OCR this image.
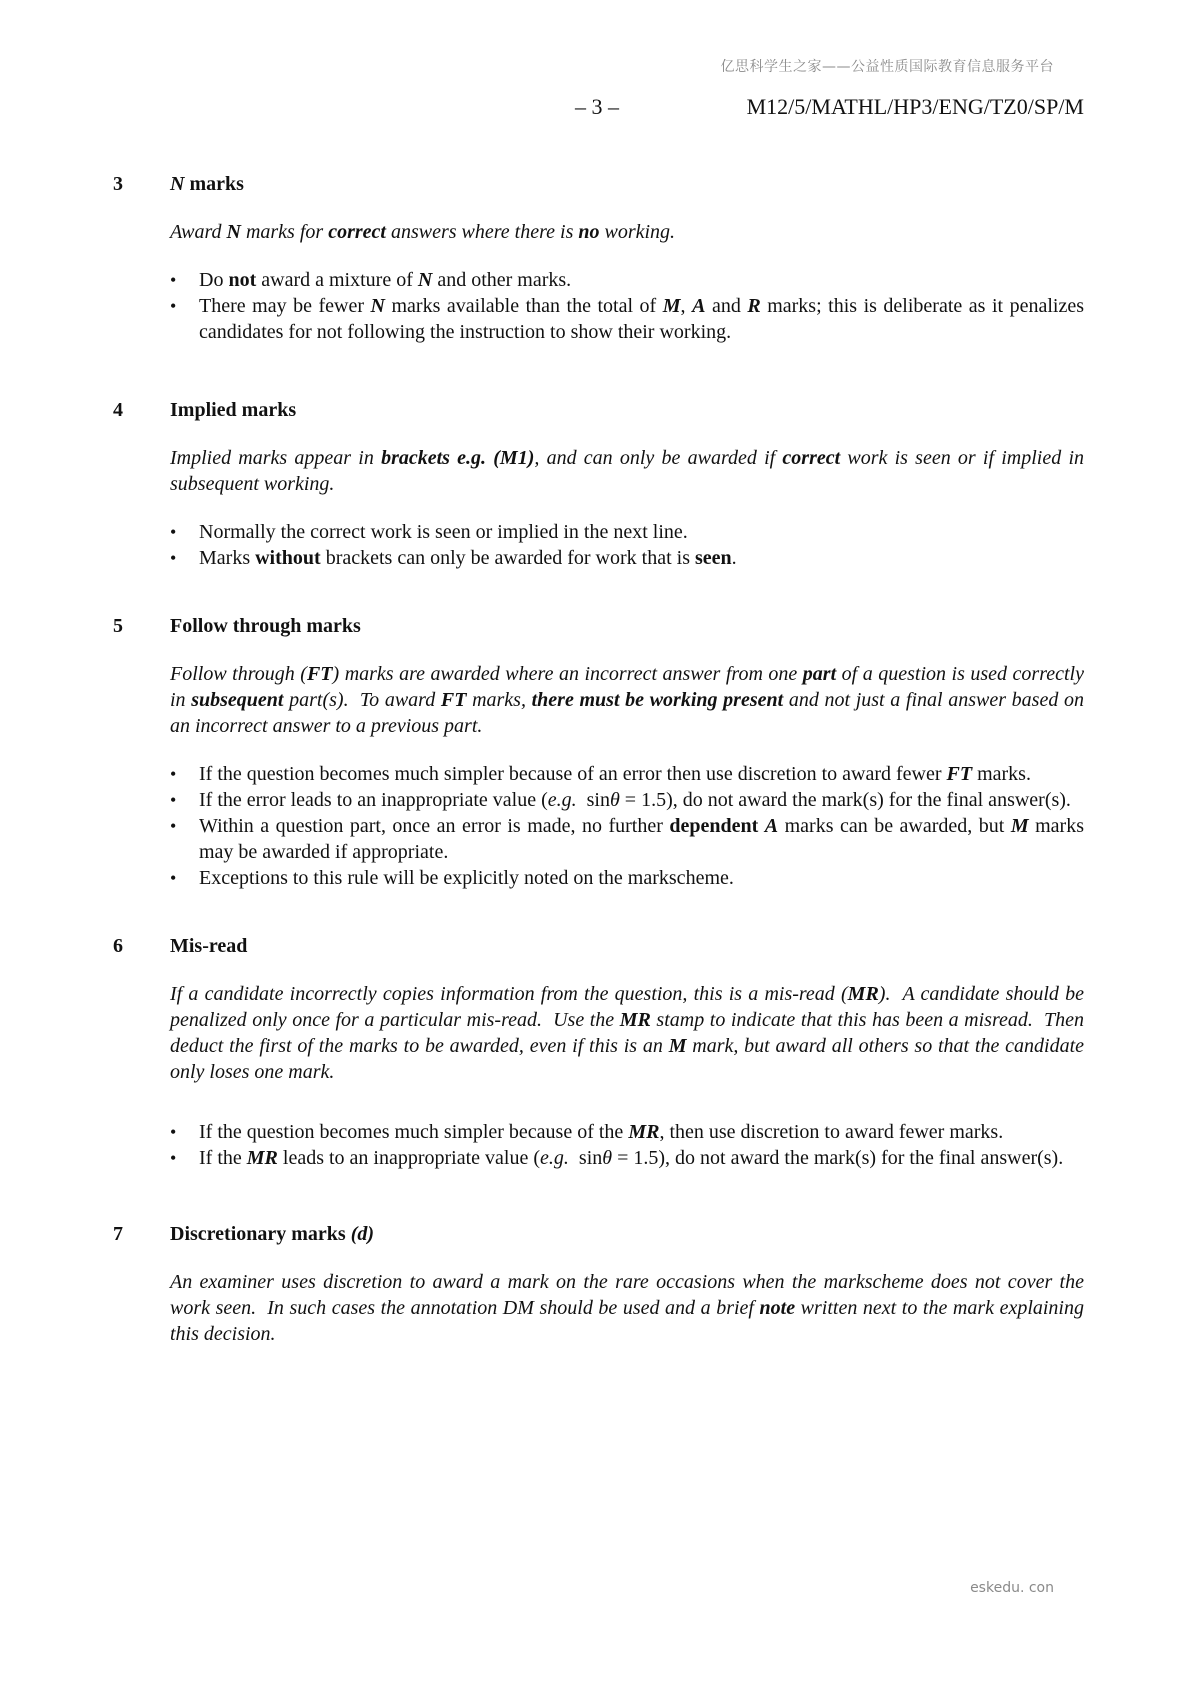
亿思科学生之家——公益性质国际教育信息服务平台
– 3 –	M12/5/MATHL/HP3/ENG/TZ0/SP/M
3 N marks
Award N marks for correct answers where there is no working.
• Do not award a mixture of N and other marks.
• There may be fewer N marks available than the total of M, A and R marks; this is deliberate as it penalizes candidates for not following the instruction to show their working.
4 Implied marks
Implied marks appear in brackets e.g. (M1), and can only be awarded if correct work is seen or if implied in subsequent working.
• Normally the correct work is seen or implied in the next line.
• Marks without brackets can only be awarded for work that is seen.
5 Follow through marks
Follow through (FT) marks are awarded where an incorrect answer from one part of a question is used correctly in subsequent part(s).  To award FT marks, there must be working present and not just a final answer based on an incorrect answer to a previous part.
• If the question becomes much simpler because of an error then use discretion to award fewer FT marks.
• If the error leads to an inappropriate value (e.g.  sinθ = 1.5), do not award the mark(s) for the final answer(s).
• Within a question part, once an error is made, no further dependent A marks can be awarded, but M marks may be awarded if appropriate.
• Exceptions to this rule will be explicitly noted on the markscheme.
6 Mis-read
If a candidate incorrectly copies information from the question, this is a mis-read (MR).  A candidate should be penalized only once for a particular mis-read.  Use the MR stamp to indicate that this has been a misread.  Then deduct the first of the marks to be awarded, even if this is an M mark, but award all others so that the candidate only loses one mark.
• If the question becomes much simpler because of the MR, then use discretion to award fewer marks.
• If the MR leads to an inappropriate value (e.g.  sinθ = 1.5), do not award the mark(s) for the final answer(s).
7 Discretionary marks (d)
An examiner uses discretion to award a mark on the rare occasions when the markscheme does not cover the work seen.  In such cases the annotation DM should be used and a brief note written next to the mark explaining this decision.
eskedu. con
